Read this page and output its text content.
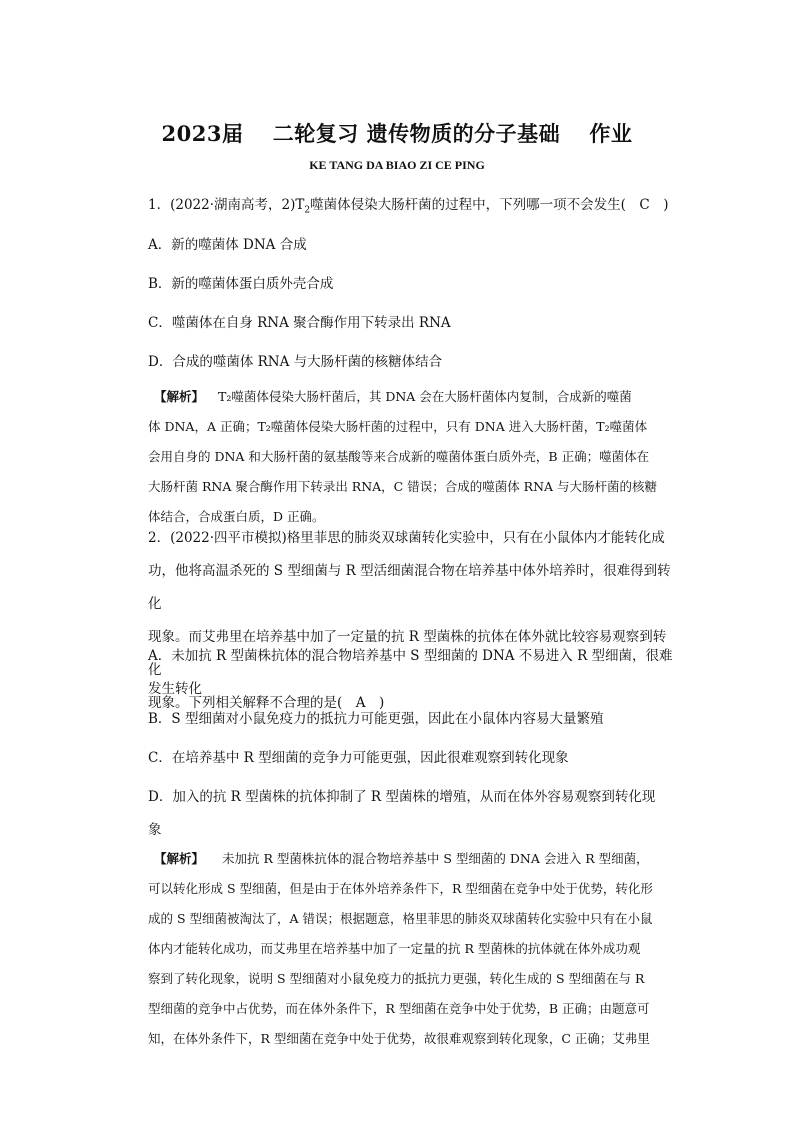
2023届　 二轮复习 遗传物质的分子基础　 作业
KE TANG DA BIAO ZI CE PING
1．(2022·湖南高考，$2)T_2$噬菌体侵染大肠杆菌的过程中，下列哪一项不会发生(　C　)
A．新的噬菌体 DNA 合成
B．新的噬菌体蛋白质外壳合成
C．噬菌体在自身 RNA 聚合酶作用下转录出 RNA
D．合成的噬菌体 RNA 与大肠杆菌的核糖体结合
【解析】 T₂噬菌体侵染大肠杆菌后，其 DNA 会在大肠杆菌体内复制，合成新的噬菌
体 DNA，A 正确；T₂噬菌体侵染大肠杆菌的过程中，只有 DNA 进入大肠杆菌，T₂噬菌体
会用自身的 DNA 和大肠杆菌的氨基酸等来合成新的噬菌体蛋白质外壳，B 正确；噬菌体在
大肠杆菌 RNA 聚合酶作用下转录出 RNA，C 错误；合成的噬菌体 RNA 与大肠杆菌的核糖
体结合，合成蛋白质，D 正确。
2．(2022·四平市模拟)格里菲思的肺炎双球菌转化实验中，只有在小鼠体内才能转化成
功，他将高温杀死的 S 型细菌与 R 型活细菌混合物在培养基中体外培养时，很难得到转化
现象。而艾弗里在培养基中加了一定量的抗 R 型菌株的抗体在体外就比较容易观察到转化
现象。下列相关解释不合理的是(　A　)
A．未加抗 R 型菌株抗体的混合物培养基中 S 型细菌的 DNA 不易进入 R 型细菌，很难
发生转化
B．S 型细菌对小鼠免疫力的抵抗力可能更强，因此在小鼠体内容易大量繁殖
C．在培养基中 R 型细菌的竞争力可能更强，因此很难观察到转化现象
D．加入的抗 R 型菌株的抗体抑制了 R 型菌株的增殖，从而在体外容易观察到转化现
象
【解析】 未加抗 R 型菌株抗体的混合物培养基中 S 型细菌的 DNA 会进入 R 型细菌，
可以转化形成 S 型细菌，但是由于在体外培养条件下，R 型细菌在竞争中处于优势，转化形
成的 S 型细菌被淘汰了，A 错误；根据题意，格里菲思的肺炎双球菌转化实验中只有在小鼠
体内才能转化成功，而艾弗里在培养基中加了一定量的抗 R 型菌株的抗体就在体外成功观
察到了转化现象，说明 S 型细菌对小鼠免疫力的抵抗力更强，转化生成的 S 型细菌在与 R
型细菌的竞争中占优势，而在体外条件下，R 型细菌在竞争中处于优势，B 正确；由题意可
知，在体外条件下，R 型细菌在竞争中处于优势，故很难观察到转化现象，C 正确；艾弗里
